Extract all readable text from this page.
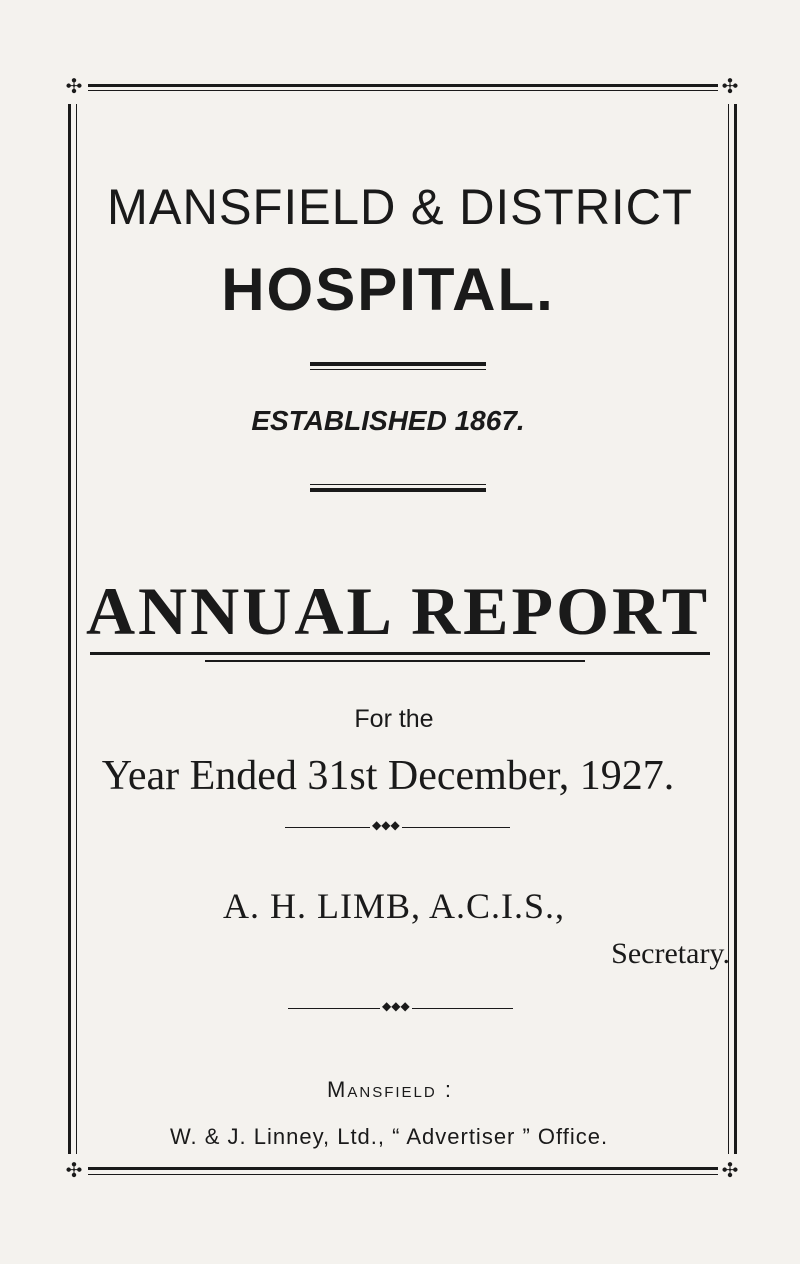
✣	✣
✣	✣
MANSFIELD & DISTRICT
HOSPITAL.
ESTABLISHED 1867.
ANNUAL REPORT
For the
Year Ended 31st December, 1927.
◆◆◆
A. H. LIMB, A.C.I.S.,
Secretary.
◆◆◆
Mansfield :
W. & J. Linney, Ltd., “ Advertiser ” Office.
